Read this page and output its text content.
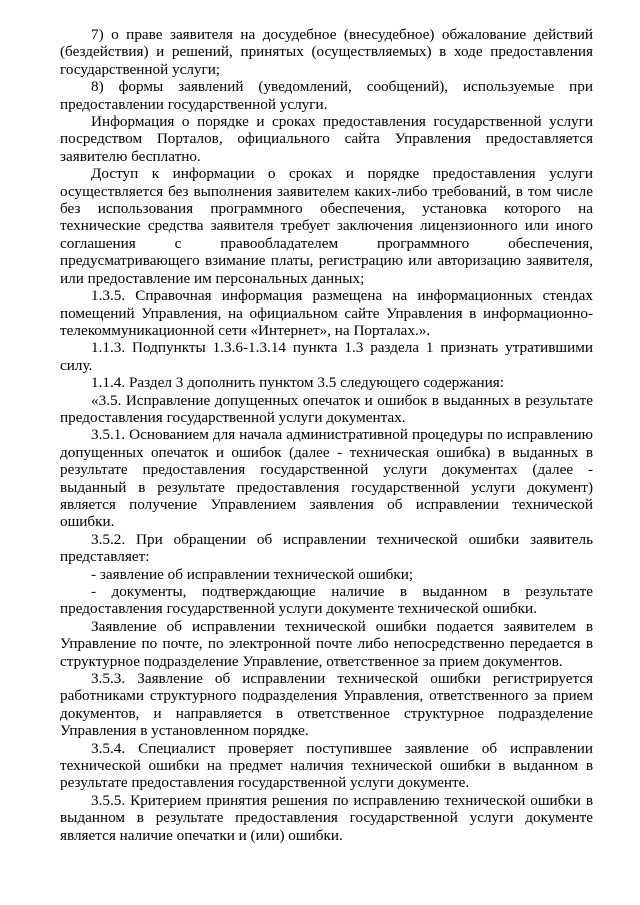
7) о праве заявителя на досудебное (внесудебное) обжалование действий (бездействия) и решений, принятых (осуществляемых) в ходе предоставления государственной услуги;

8) формы заявлений (уведомлений, сообщений), используемые при предоставлении государственной услуги.

Информация о порядке и сроках предоставления государственной услуги посредством Порталов, официального сайта Управления предоставляется заявителю бесплатно.

Доступ к информации о сроках и порядке предоставления услуги осуществляется без выполнения заявителем каких-либо требований, в том числе без использования программного обеспечения, установка которого на технические средства заявителя требует заключения лицензионного или иного соглашения с правообладателем программного обеспечения, предусматривающего взимание платы, регистрацию или авторизацию заявителя, или предоставление им персональных данных;

1.3.5. Справочная информация размещена на информационных стендах помещений Управления, на официальном сайте Управления в информационно-телекоммуникационной сети «Интернет», на Порталах.».

1.1.3. Подпункты 1.3.6-1.3.14 пункта 1.3 раздела 1 признать утратившими силу.

1.1.4. Раздел 3 дополнить пунктом 3.5 следующего содержания:

«3.5. Исправление допущенных опечаток и ошибок в выданных в результате предоставления государственной услуги документах.

3.5.1. Основанием для начала административной процедуры по исправлению допущенных опечаток и ошибок (далее - техническая ошибка) в выданных в результате предоставления государственной услуги документах (далее - выданный в результате предоставления государственной услуги документ) является получение Управлением заявления об исправлении технической ошибки.

3.5.2. При обращении об исправлении технической ошибки заявитель представляет:

- заявление об исправлении технической ошибки;

- документы, подтверждающие наличие в выданном в результате предоставления государственной услуги документе технической ошибки.

Заявление об исправлении технической ошибки подается заявителем в Управление по почте, по электронной почте либо непосредственно передается в структурное подразделение Управление, ответственное за прием документов.

3.5.3. Заявление об исправлении технической ошибки регистрируется работниками структурного подразделения Управления, ответственного за прием документов, и направляется в ответственное структурное подразделение Управления в установленном порядке.

3.5.4. Специалист проверяет поступившее заявление об исправлении технической ошибки на предмет наличия технической ошибки в выданном в результате предоставления государственной услуги документе.

3.5.5. Критерием принятия решения по исправлению технической ошибки в выданном в результате предоставления государственной услуги документе является наличие опечатки и (или) ошибки.
